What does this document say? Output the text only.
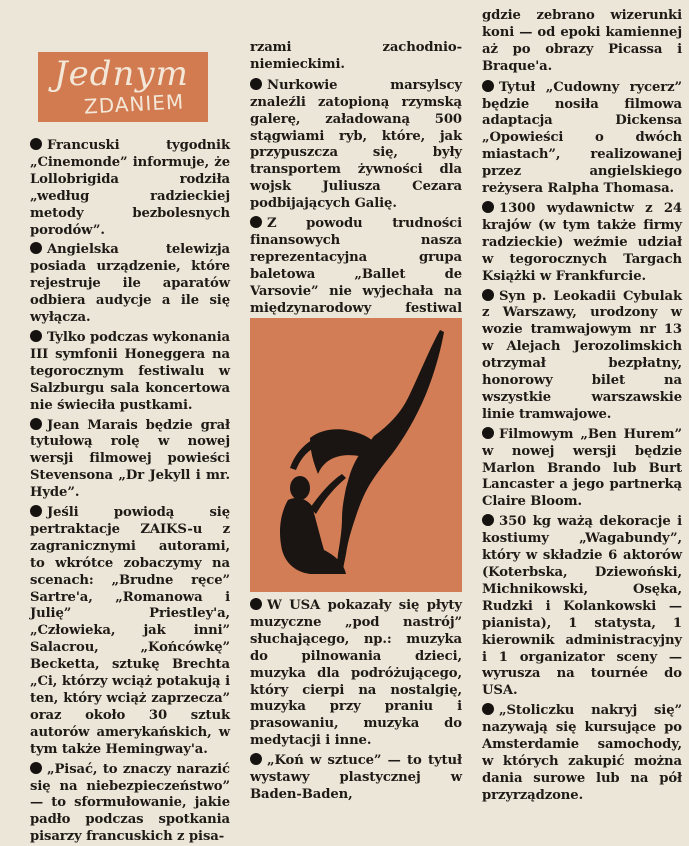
Jednym
ZDANIEM
Francuski tygodnik „Cinemonde” informuje, że Lollobrigida rodziła „według radzieckiej metody bezbolesnych porodów”.
Angielska telewizja posiada urządzenie, które rejestruje ile aparatów odbiera audycje a ile się wyłącza.
Tylko podczas wykonania III symfonii Honeggera na tegorocznym festiwalu w Salzburgu sala koncertowa nie świeciła pustkami.
Jean Marais będzie grał tytułową rolę w nowej wersji filmowej powieści Stevensona „Dr Jekyll i mr. Hyde”.
Jeśli powiodą się pertraktacje ZAIKS-u z zagranicznymi autorami, to wkrótce zobaczymy na scenach: „Brudne ręce” Sartre'a, „Romanowa i Julię” Priestley'a, „Człowieka, jak inni” Salacrou, „Końcówkę” Becketta, sztukę Brechta „Ci, którzy wciąż potakują i ten, który wciąż zaprzecza” oraz około 30 sztuk autorów amerykańskich, w tym także Hemingway'a.
„Pisać, to znaczy narazić się na niebezpieczeństwo” — to sformułowanie, jakie padło podczas spotkania pisarzy francuskich z pisa-
rzami zachodnio-niemieckimi.
Nurkowie marsylscy znaleźli zatopioną rzymską galerę, załadowaną 500 stągwiami ryb, które, jak przypuszcza się, były transportem żywności dla wojsk Juliusza Cezara podbijających Galię.
Z powodu trudności finansowych nasza reprezentacyjna grupa baletowa „Ballet de Varsovie” nie wyjechała na międzynarodowy festiwal
W USA pokazały się płyty muzyczne „pod nastrój” słuchającego, np.: muzyka do pilnowania dzieci, muzyka dla podróżującego, który cierpi na nostalgię, muzyka przy praniu i prasowaniu, muzyka do medytacji i inne.
„Koń w sztuce” — to tytuł wystawy plastycznej w Baden-Baden,
gdzie zebrano wizerunki koni — od epoki kamiennej aż po obrazy Picassa i Braque'a.
Tytuł „Cudowny rycerz” będzie nosiła filmowa adaptacja Dickensa „Opowieści o dwóch miastach”, realizowanej przez angielskiego reżysera Ralpha Thomasa.
1300 wydawnictw z 24 krajów (w tym także firmy radzieckie) weźmie udział w tegorocznych Targach Książki w Frankfurcie.
Syn p. Leokadii Cybulak z Warszawy, urodzony w wozie tramwajowym nr 13 w Alejach Jerozolimskich otrzymał bezpłatny, honorowy bilet na wszystkie warszawskie linie tramwajowe.
Filmowym „Ben Hurem” w nowej wersji będzie Marlon Brando lub Burt Lancaster a jego partnerką Claire Bloom.
350 kg ważą dekoracje i kostiumy „Wagabundy”, który w składzie 6 aktorów (Koterbska, Dziewoński, Michnikowski, Osęka, Rudzki i Kolankowski — pianista), 1 statysta, 1 kierownik administracyjny i 1 organizator sceny — wyrusza na tournée do USA.
„Stoliczku nakryj się” nazywają się kursujące po Amsterdamie samochody, w których zakupić można dania surowe lub na pół przyrządzone.
